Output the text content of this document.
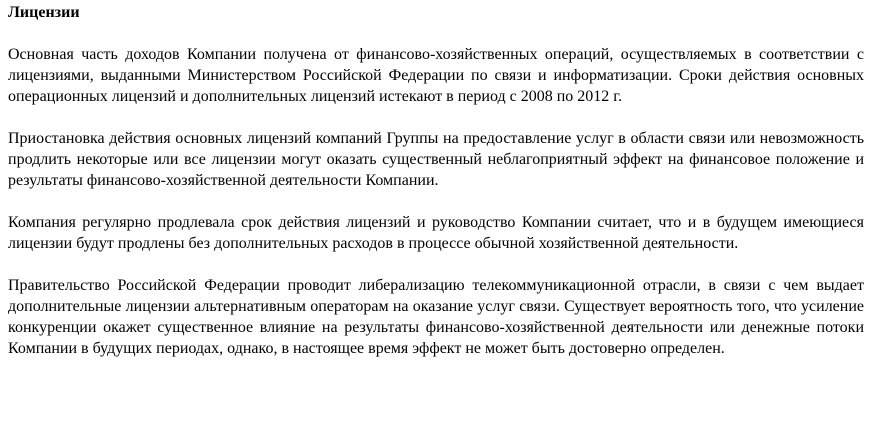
Лицензии

Основная часть доходов Компании получена от финансово-хозяйственных операций, осуществляемых в соответствии с лицензиями, выданными Министерством Российской Федерации по связи и информатизации. Сроки действия основных операционных лицензий и дополнительных лицензий истекают в период с 2008 по 2012 г.

Приостановка действия основных лицензий компаний Группы на предоставление услуг в области связи или невозможность продлить некоторые или все лицензии могут оказать существенный неблагоприятный эффект на финансовое положение и результаты финансово-хозяйственной деятельности Компании.

Компания регулярно продлевала срок действия лицензий и руководство Компании считает, что и в будущем имеющиеся лицензии будут продлены без дополнительных расходов в процессе обычной хозяйственной деятельности.

Правительство Российской Федерации проводит либерализацию телекоммуникационной отрасли, в связи с чем выдает дополнительные лицензии альтернативным операторам на оказание услуг связи. Существует вероятность того, что усиление конкуренции окажет существенное влияние на результаты финансово-хозяйственной деятельности или денежные потоки Компании в будущих периодах, однако, в настоящее время эффект не может быть достоверно определен.
